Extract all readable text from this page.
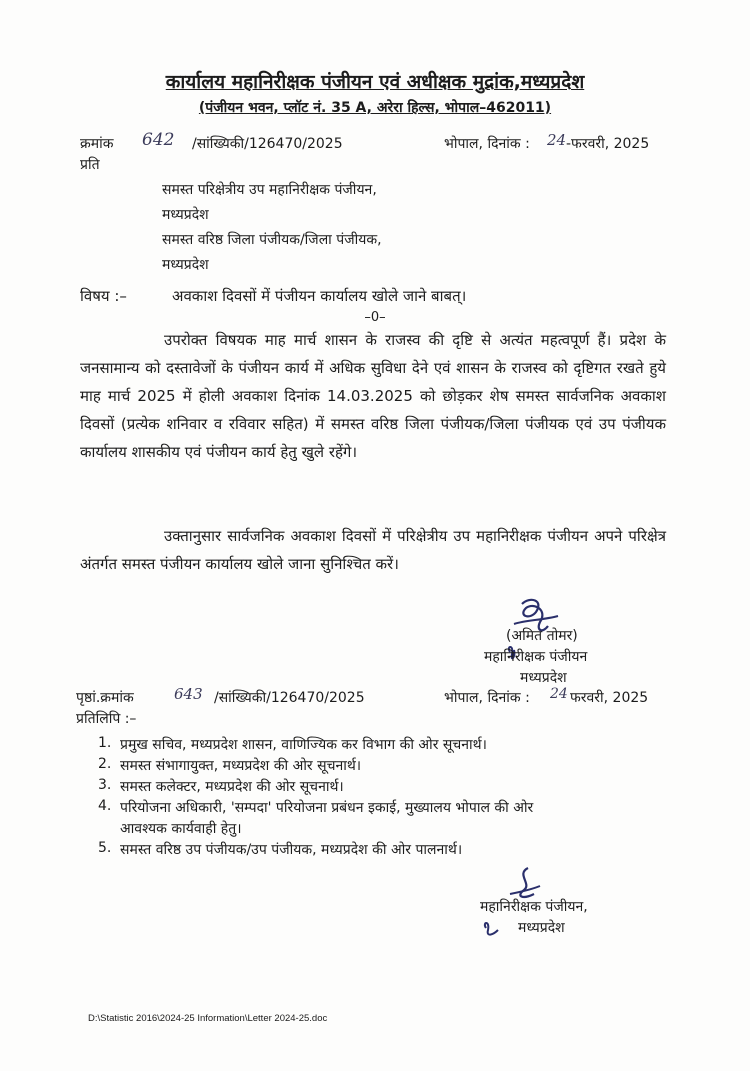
कार्यालय महानिरीक्षक पंजीयन एवं अधीक्षक मुद्रांक,मध्यप्रदेश
(पंजीयन भवन, प्लॉट नं. 35 A, अरेरा हिल्स, भोपाल–462011)
क्रमांक 642 /सांख्यिकी/126470/2025	भोपाल, दिनांक : 24 -फरवरी, 2025
प्रति
समस्त परिक्षेत्रीय उप महानिरीक्षक पंजीयन,
मध्यप्रदेश
समस्त वरिष्ठ जिला पंजीयक/जिला पंजीयक,
मध्यप्रदेश
विषय :–	अवकाश दिवसों में पंजीयन कार्यालय खोले जाने बाबत्।
–0–
उपरोक्त विषयक माह मार्च शासन के राजस्व की दृष्टि से अत्यंत महत्वपूर्ण हैं। प्रदेश के जनसामान्य को दस्तावेजों के पंजीयन कार्य में अधिक सुविधा देने एवं शासन के राजस्व को दृष्टिगत रखते हुये माह मार्च 2025 में होली अवकाश दिनांक 14.03.2025 को छोड़कर शेष समस्त सार्वजनिक अवकाश दिवसों (प्रत्येक शनिवार व रविवार सहित) में समस्त वरिष्ठ जिला पंजीयक/जिला पंजीयक एवं उप पंजीयक कार्यालय शासकीय एवं पंजीयन कार्य हेतु खुले रहेंगे।
उक्तानुसार सार्वजनिक अवकाश दिवसों में परिक्षेत्रीय उप महानिरीक्षक पंजीयन अपने परिक्षेत्र अंतर्गत समस्त पंजीयन कार्यालय खोले जाना सुनिश्चित करें।
(अमित तोमर)
महानिरीक्षक पंजीयन
मध्यप्रदेश
पृष्ठां.क्रमांक	643 /सांख्यिकी/126470/2025	भोपाल, दिनांक : 24 फरवरी, 2025
प्रतिलिपि :–
1. प्रमुख सचिव, मध्यप्रदेश शासन, वाणिज्यिक कर विभाग की ओर सूचनार्थ।
2. समस्त संभागायुक्त, मध्यप्रदेश की ओर सूचनार्थ।
3. समस्त कलेक्टर, मध्यप्रदेश की ओर सूचनार्थ।
4. परियोजना अधिकारी, 'सम्पदा' परियोजना प्रबंधन इकाई, मुख्यालय भोपाल की ओर
आवश्यक कार्यवाही हेतु।
5. समस्त वरिष्ठ उप पंजीयक/उप पंजीयक, मध्यप्रदेश की ओर पालनार्थ।
महानिरीक्षक पंजीयन,
मध्यप्रदेश
D:\Statistic 2016\2024-25 Information\Letter 2024-25.doc
